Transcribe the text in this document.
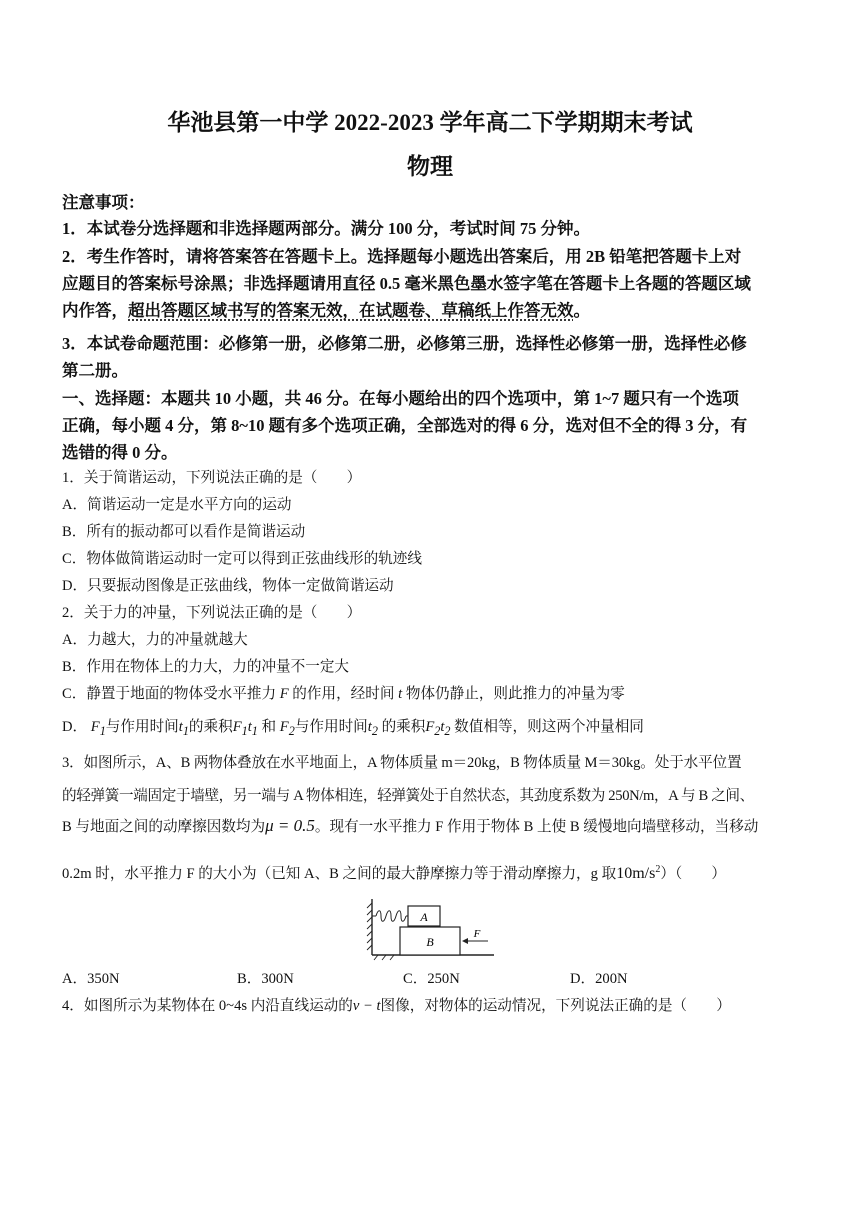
华池县第一中学 2022-2023 学年高二下学期期末考试
物理
注意事项：
1．本试卷分选择题和非选择题两部分。满分 100 分，考试时间 75 分钟。
2．考生作答时，请将答案答在答题卡上。选择题每小题选出答案后，用 2B 铅笔把答题卡上对
应题目的答案标号涂黑；非选择题请用直径 0.5 毫米黑色墨水签字笔在答题卡上各题的答题区域
内作答，超出答题区域书写的答案无效，在试题卷、草稿纸上作答无效。
3．本试卷命题范围：必修第一册，必修第二册，必修第三册，选择性必修第一册，选择性必修
第二册。
一、选择题：本题共 10 小题，共 46 分。在每小题给出的四个选项中，第 1~7 题只有一个选项
正确，每小题 4 分，第 8~10 题有多个选项正确，全部选对的得 6 分，选对但不全的得 3 分，有
选错的得 0 分。
1．关于简谐运动，下列说法正确的是（　　）
A．简谐运动一定是水平方向的运动
B．所有的振动都可以看作是简谐运动
C．物体做简谐运动时一定可以得到正弦曲线形的轨迹线
D．只要振动图像是正弦曲线，物体一定做简谐运动
2．关于力的冲量，下列说法正确的是（　　）
A．力越大，力的冲量就越大
B．作用在物体上的力大，力的冲量不一定大
C．静置于地面的物体受水平推力 F 的作用，经时间 t 物体仍静止，则此推力的冲量为零
D． $F_1$与作用时间$t_1$的乘积$F_1t_1$ 和 $F_2$与作用时间$t_2$ 的乘积$F_2t_2$ 数值相等，则这两个冲量相同
3．如图所示，A、B 两物体叠放在水平地面上，A 物体质量 m＝20kg，B 物体质量 M＝30kg。处于水平位置
的轻弹簧一端固定于墙壁，另一端与 A 物体相连，轻弹簧处于自然状态，其劲度系数为 250N/m，A 与 B 之间、
B 与地面之间的动摩擦因数均为μ = 0.5。现有一水平推力 F 作用于物体 B 上使 B 缓慢地向墙壁移动，当移动
0.2m 时，水平推力 F 的大小为（已知 A、B 之间的最大静摩擦力等于滑动摩擦力，g 取$10m/s^2$）（　　）
A
B
F
A．350N	B．300N	C．250N	D．200N
4．如图所示为某物体在 0~4s 内沿直线运动的v − t图像，对物体的运动情况，下列说法正确的是（　　）
